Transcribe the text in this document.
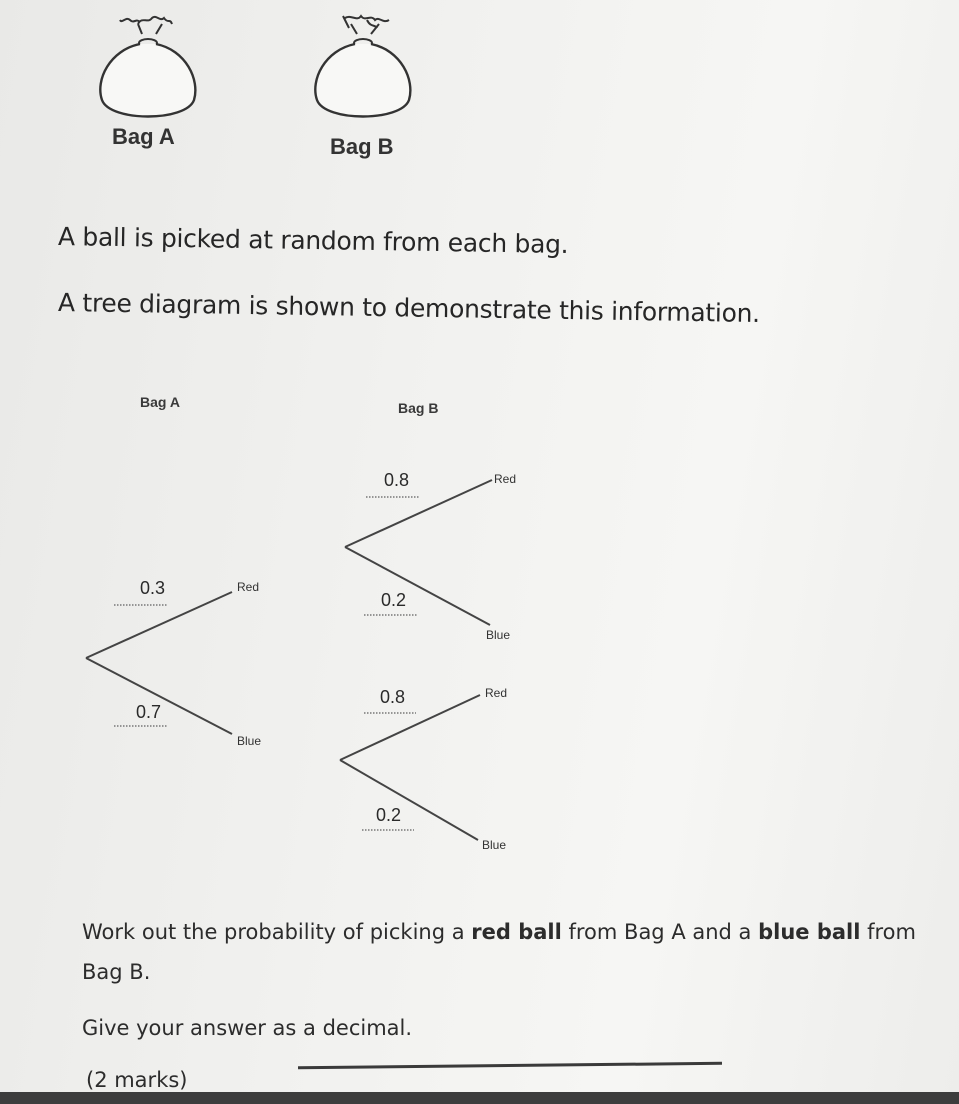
Bag A	Bag B
A ball is picked at random from each bag.
A tree diagram is shown to demonstrate this information.
Bag A	Bag B
0.3
0.7
Red
Blue
0.8
0.2
Red
Blue
0.8
0.2
Red
Blue
Work out the probability of picking a red ball from Bag A and a blue ball from
Bag B.
Give your answer as a decimal.
(2 marks)
